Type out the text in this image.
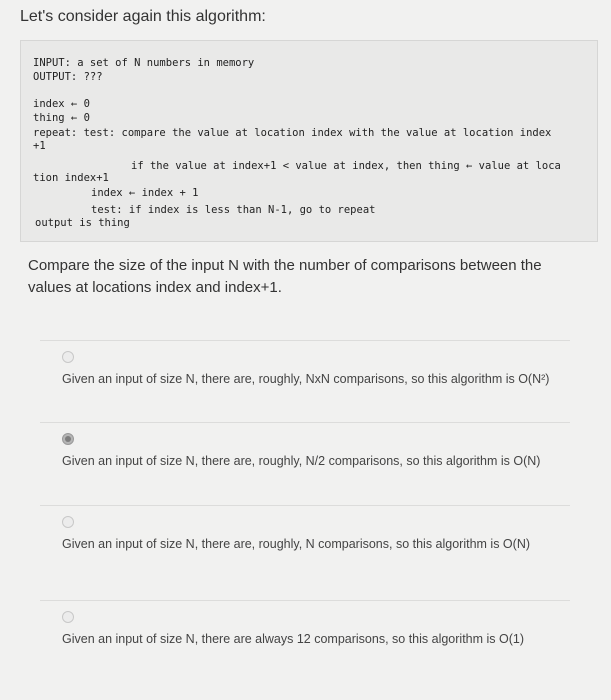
Let's consider again this algorithm:
INPUT: a set of N numbers in memory
OUTPUT: ???
index ← 0
thing ← 0
repeat: test: compare the value at location index with the value at location index
+1
if the value at index+1 < value at index, then thing ← value at loca
tion index+1
index ← index + 1
test: if index is less than N-1, go to repeat
output is thing
Compare the size of the input N with the number of comparisons between the values at locations index and index+1.
Given an input of size N, there are, roughly, NxN comparisons, so this algorithm is O(N²)
Given an input of size N, there are, roughly, N/2 comparisons, so this algorithm is O(N)
Given an input of size N, there are, roughly, N comparisons, so this algorithm is O(N)
Given an input of size N, there are always 12 comparisons, so this algorithm is O(1)
